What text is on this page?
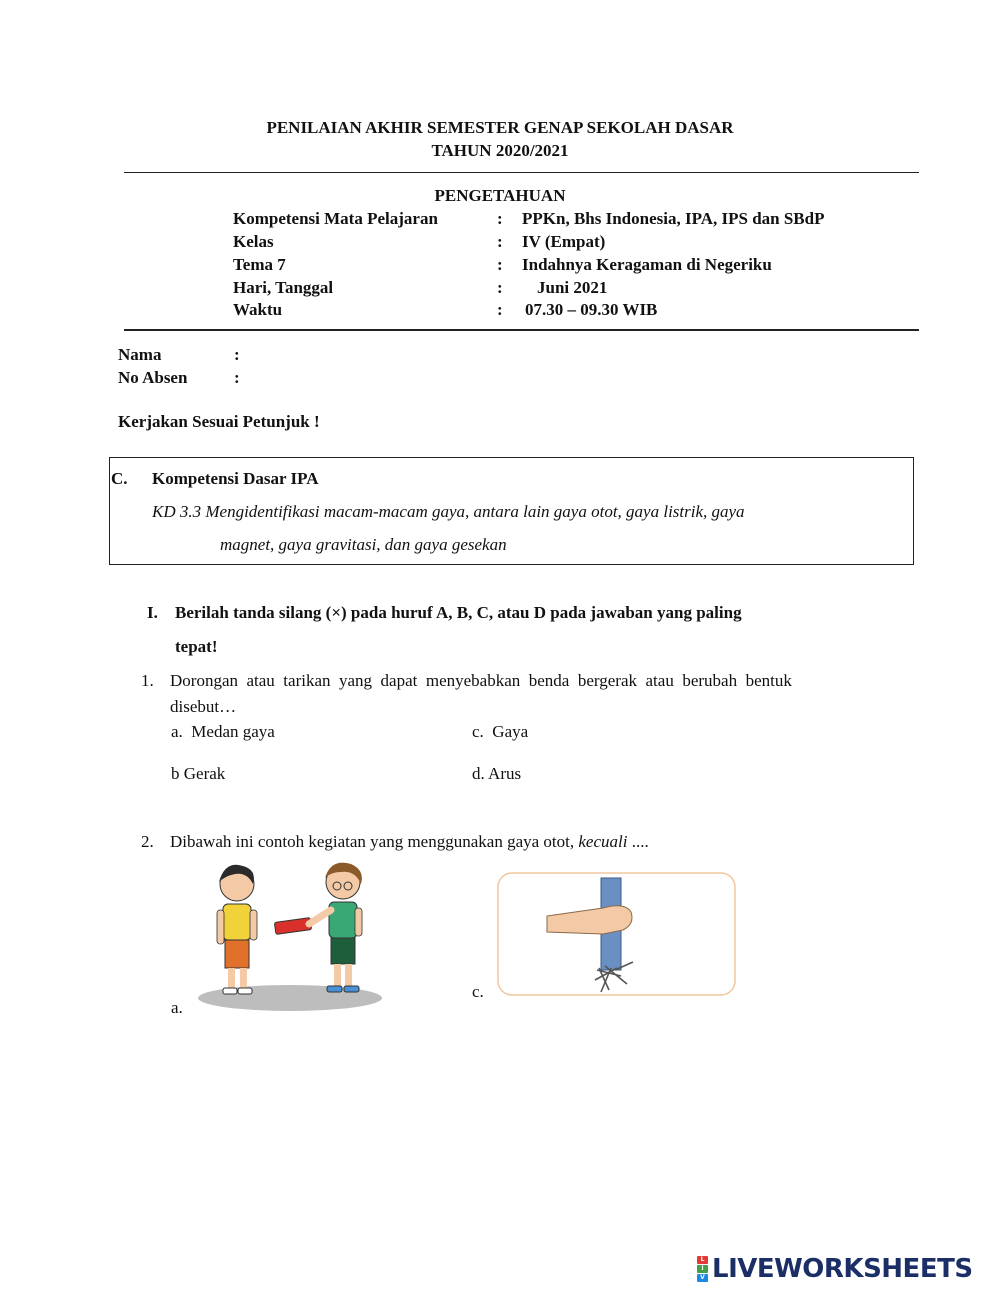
PENILAIAN AKHIR SEMESTER GENAP SEKOLAH DASAR
TAHUN 2020/2021
PENGETAHUAN
Kompetensi Mata Pelajaran	: PPKn, Bhs Indonesia, IPA, IPS dan SBdP
Kelas	: IV (Empat)
Tema 7	: Indahnya Keragaman di Negeriku
Hari, Tanggal	: Juni 2021
Waktu	: 07.30 – 09.30 WIB
Nama	:
No Absen	:
Kerjakan Sesuai Petunjuk !
C. Kompetensi Dasar IPA
KD 3.3 Mengidentifikasi macam-macam gaya, antara lain gaya otot, gaya listrik, gaya
magnet, gaya gravitasi, dan gaya gesekan
I. Berilah tanda silang (×) pada huruf A, B, C, atau D pada jawaban yang paling
tepat!
1. Dorongan  atau  tarikan  yang  dapat  menyebabkan  benda  bergerak  atau  berubah  bentuk
disebut…
a.  Medan gaya	c.  Gaya
b Gerak	d. Arus
2. Dibawah ini contoh kegiatan yang menggunakan gaya otot, kecuali ....
a.
c.
L
I
V LIVEWORKSHEETS
